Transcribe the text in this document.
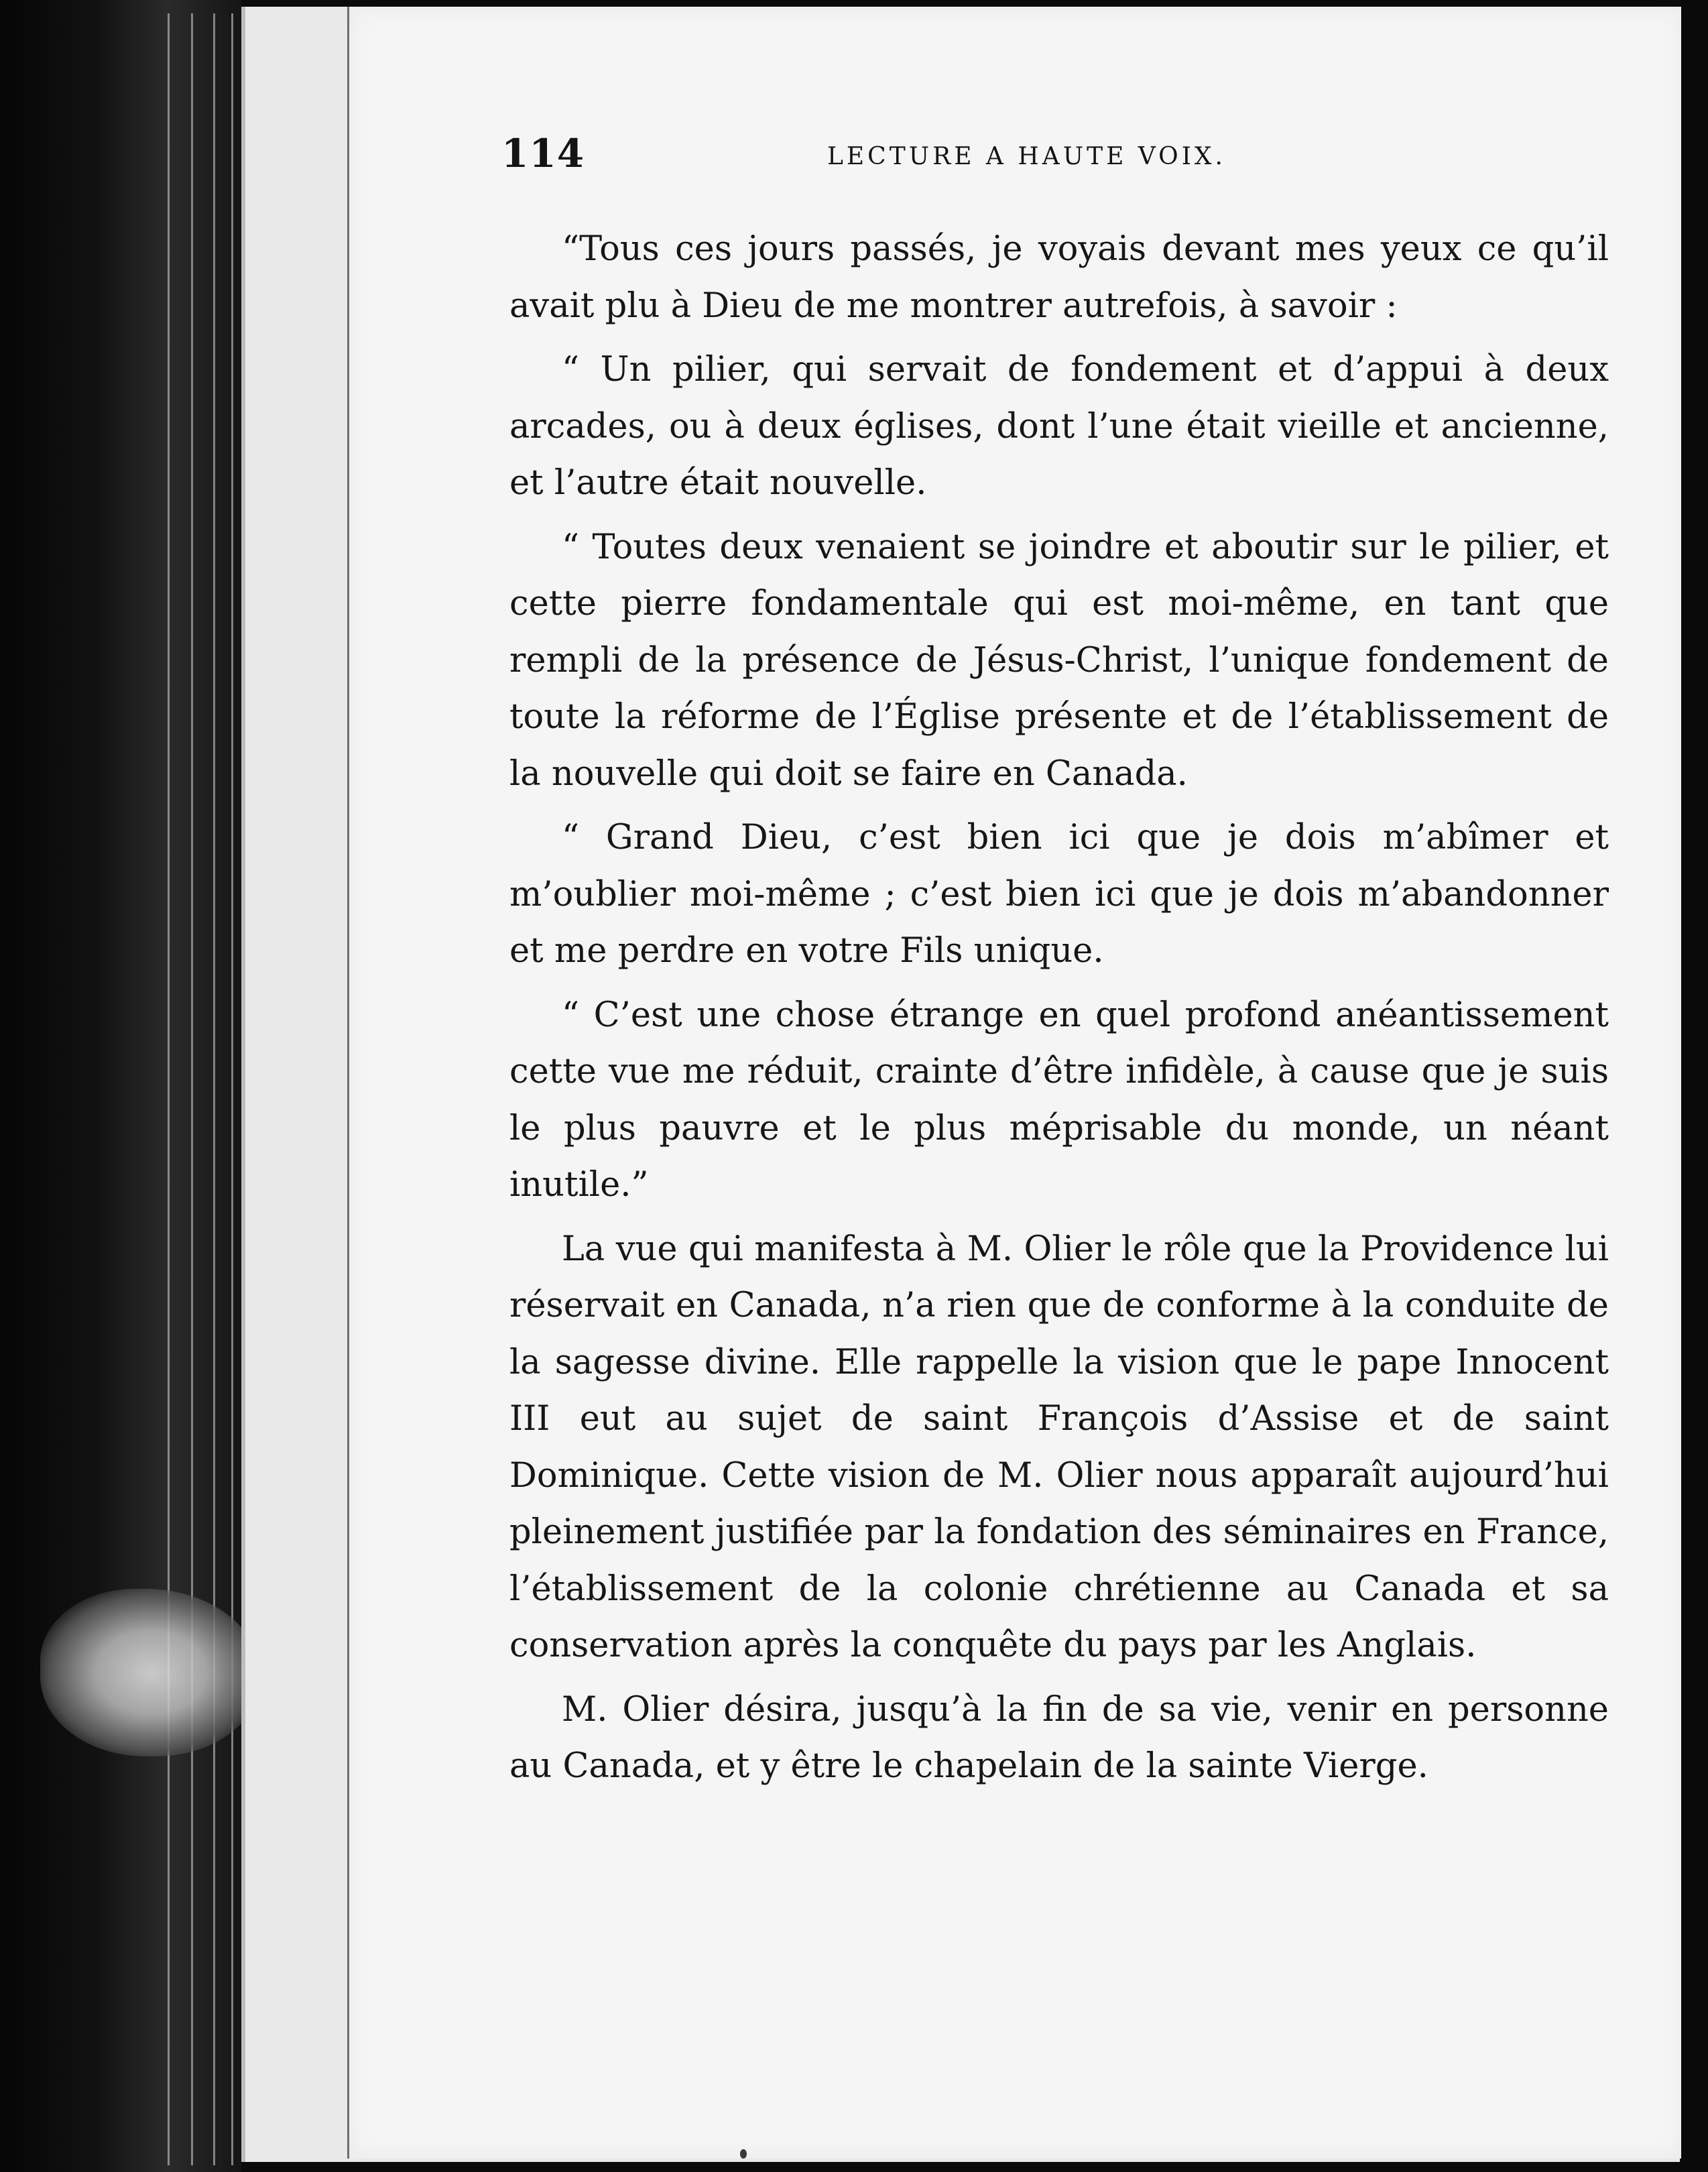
114	LECTURE A HAUTE VOIX.

“Tous ces jours passés, je voyais devant mes yeux ce qu’il avait plu à Dieu de me montrer autrefois, à savoir :

“ Un pilier, qui servait de fondement et d’appui à deux arcades, ou à deux églises, dont l’une était vieille et ancienne, et l’autre était nouvelle.

“ Toutes deux venaient se joindre et aboutir sur le pilier, et cette pierre fondamentale qui est moi-même, en tant que rempli de la présence de Jésus-Christ, l’unique fondement de toute la réforme de l’Église présente et de l’établissement de la nouvelle qui doit se faire en Canada.

“ Grand Dieu, c’est bien ici que je dois m’abîmer et m’oublier moi-même ; c’est bien ici que je dois m’abandonner et me perdre en votre Fils unique.

“ C’est une chose étrange en quel profond anéantissement cette vue me réduit, crainte d’être infidèle, à cause que je suis le plus pauvre et le plus méprisable du monde, un néant inutile.”

La vue qui manifesta à M. Olier le rôle que la Providence lui réservait en Canada, n’a rien que de conforme à la conduite de la sagesse divine. Elle rappelle la vision que le pape Innocent III eut au sujet de saint François d’Assise et de saint Dominique. Cette vision de M. Olier nous apparaît aujourd’hui pleinement justifiée par la fondation des séminaires en France, l’établissement de la colonie chrétienne au Canada et sa conservation après la conquête du pays par les Anglais.

M. Olier désira, jusqu’à la fin de sa vie, venir en personne au Canada, et y être le chapelain de la sainte Vierge.
